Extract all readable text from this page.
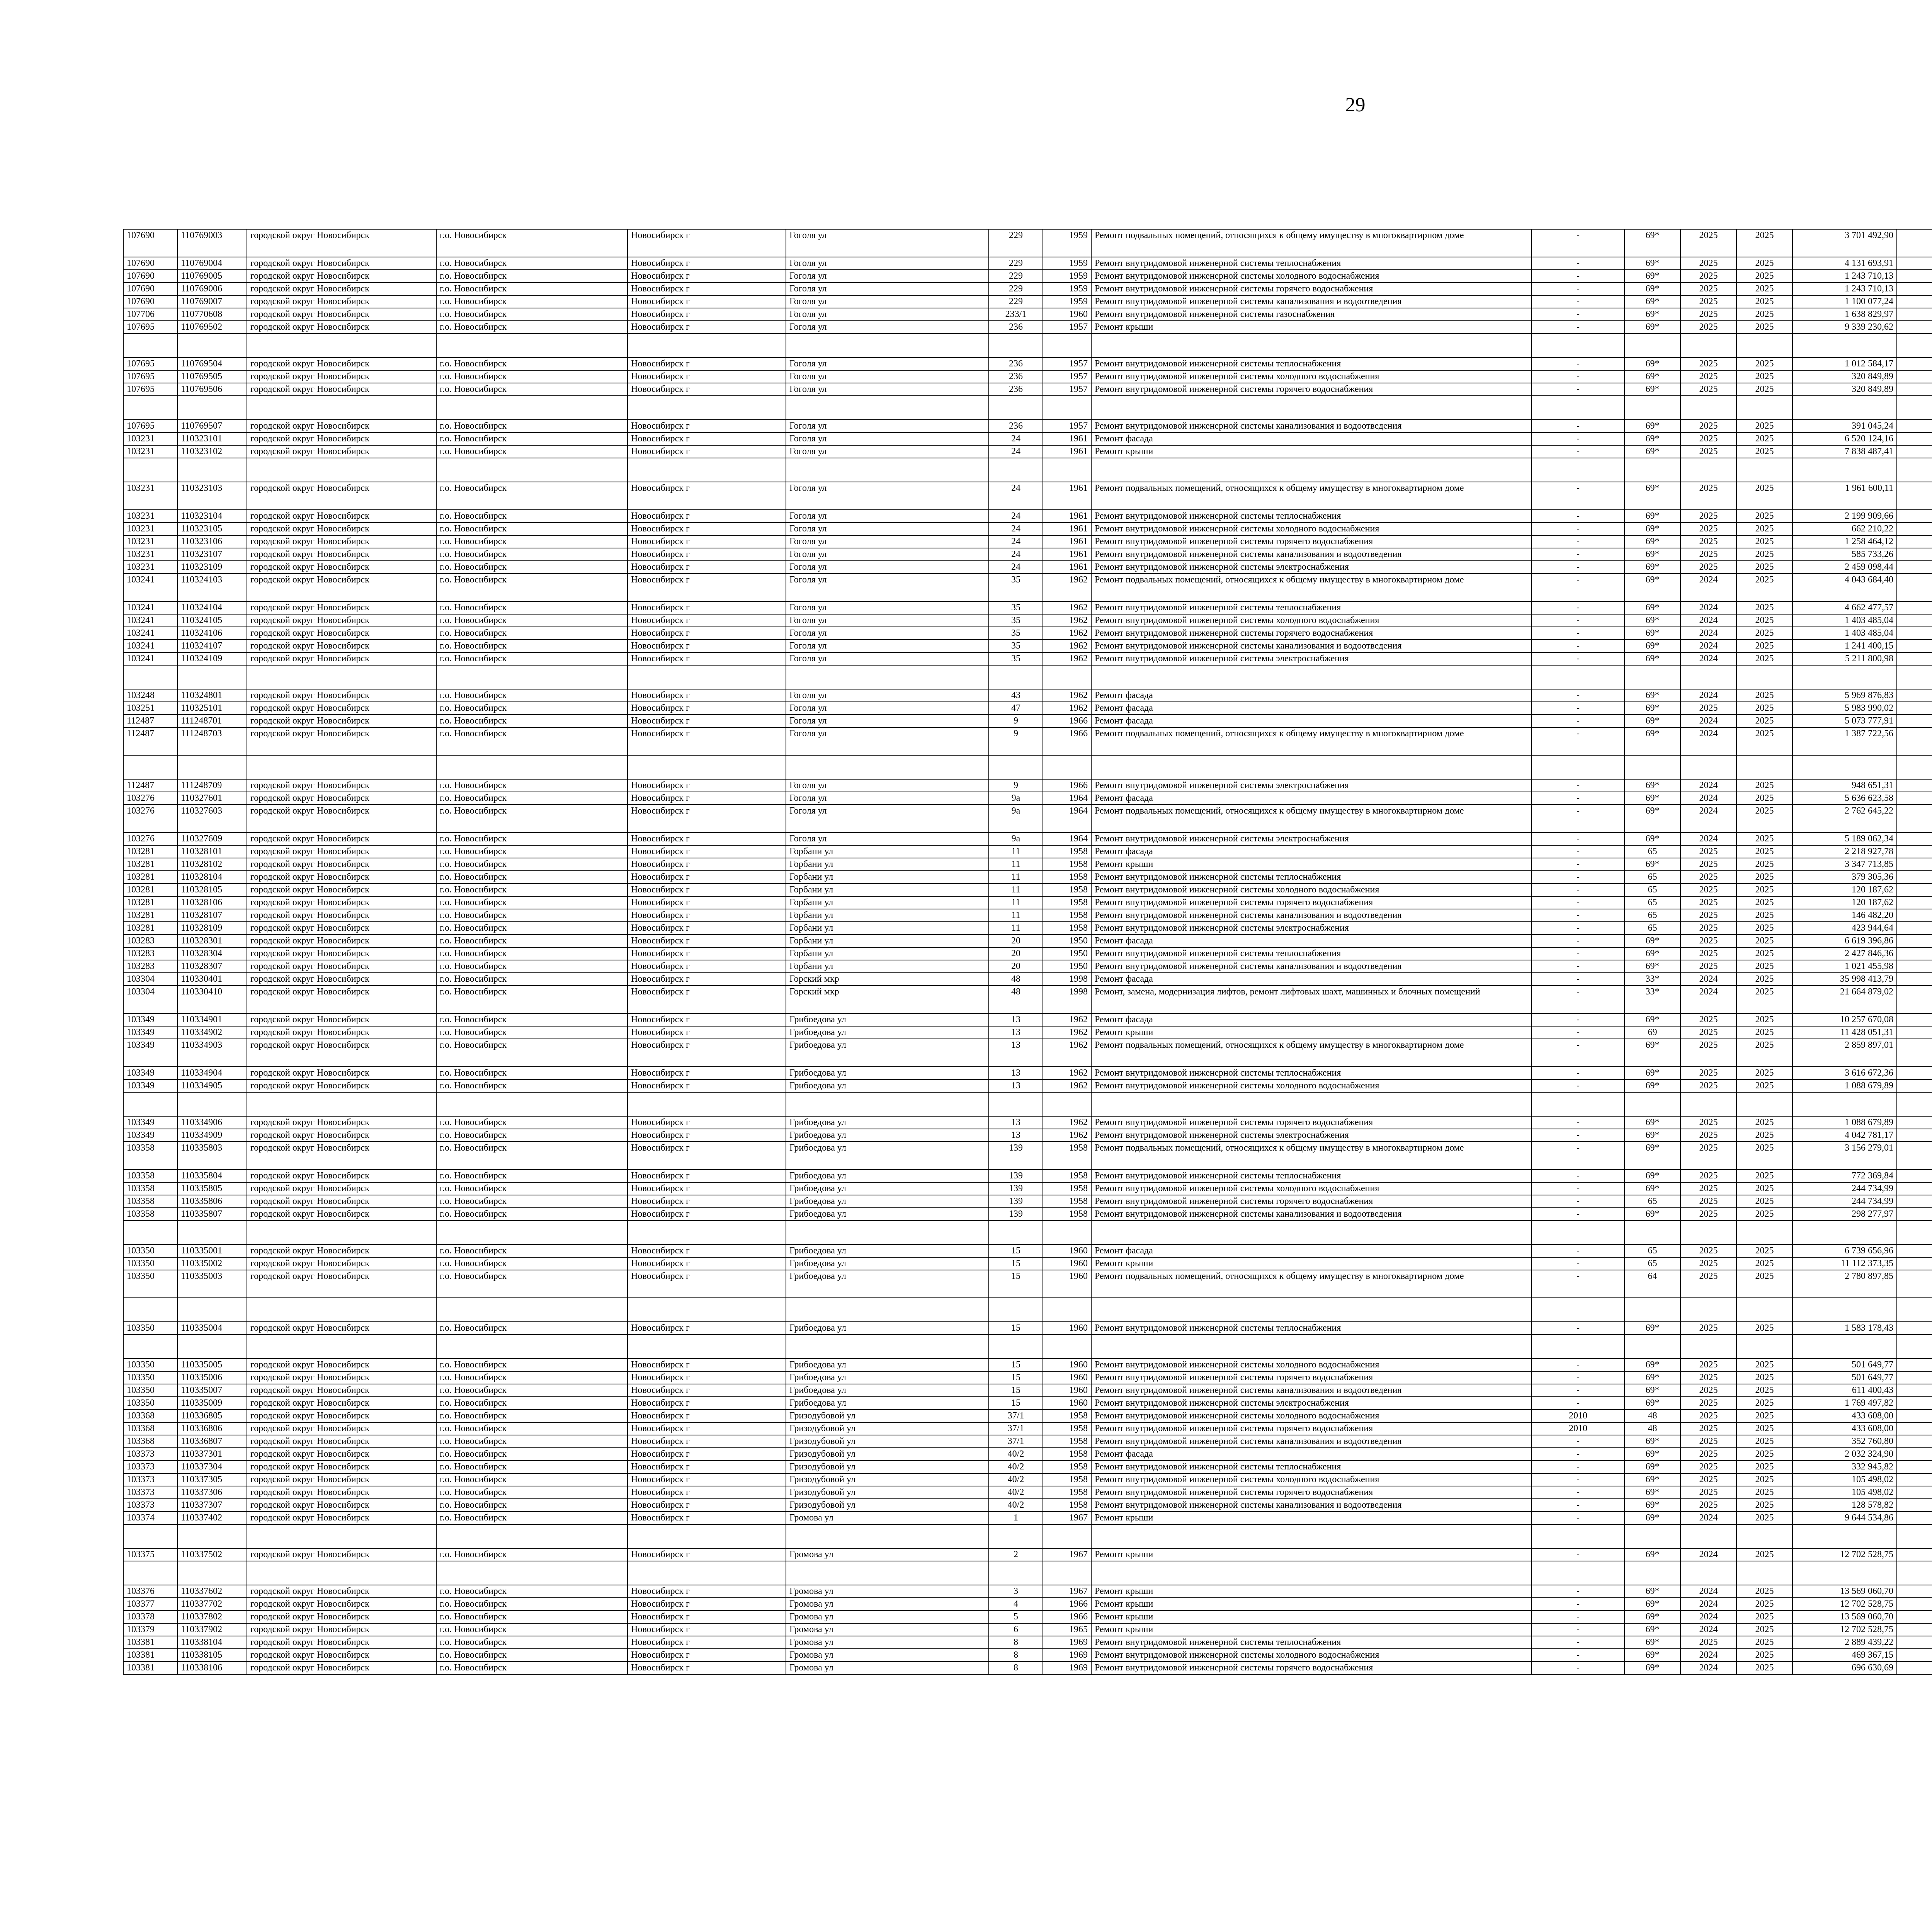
29
107690	110769003	городской округ Новосибирск	г.о. Новосибирск	Новосибирск г	Гоголя ул	229	1959	Ремонт подвальных помещений, относящихся к общему имуществу в многоквартирном доме	-	69*	2025	2025	3 701 492,90						
107690	110769004	городской округ Новосибирск	г.о. Новосибирск	Новосибирск г	Гоголя ул	229	1959	Ремонт внутридомовой инженерной системы теплоснабжения	-	69*	2025	2025	4 131 693,91						
107690	110769005	городской округ Новосибирск	г.о. Новосибирск	Новосибирск г	Гоголя ул	229	1959	Ремонт внутридомовой инженерной системы холодного водоснабжения	-	69*	2025	2025	1 243 710,13						
107690	110769006	городской округ Новосибирск	г.о. Новосибирск	Новосибирск г	Гоголя ул	229	1959	Ремонт внутридомовой инженерной системы горячего водоснабжения	-	69*	2025	2025	1 243 710,13						
107690	110769007	городской округ Новосибирск	г.о. Новосибирск	Новосибирск г	Гоголя ул	229	1959	Ремонт внутридомовой инженерной системы канализования и водоотведения	-	69*	2025	2025	1 100 077,24						
107706	110770608	городской округ Новосибирск	г.о. Новосибирск	Новосибирск г	Гоголя ул	233/1	1960	Ремонт внутридомовой инженерной системы газоснабжения	-	69*	2025	2025	1 638 829,97						
107695	110769502	городской округ Новосибирск	г.о. Новосибирск	Новосибирск г	Гоголя ул	236	1957	Ремонт крыши	-	69*	2025	2025	9 339 230,62						

107695	110769504	городской округ Новосибирск	г.о. Новосибирск	Новосибирск г	Гоголя ул	236	1957	Ремонт внутридомовой инженерной системы теплоснабжения	-	69*	2025	2025	1 012 584,17						
107695	110769505	городской округ Новосибирск	г.о. Новосибирск	Новосибирск г	Гоголя ул	236	1957	Ремонт внутридомовой инженерной системы холодного водоснабжения	-	69*	2025	2025	320 849,89						
107695	110769506	городской округ Новосибирск	г.о. Новосибирск	Новосибирск г	Гоголя ул	236	1957	Ремонт внутридомовой инженерной системы горячего водоснабжения	-	69*	2025	2025	320 849,89						

107695	110769507	городской округ Новосибирск	г.о. Новосибирск	Новосибирск г	Гоголя ул	236	1957	Ремонт внутридомовой инженерной системы канализования и водоотведения	-	69*	2025	2025	391 045,24						
103231	110323101	городской округ Новосибирск	г.о. Новосибирск	Новосибирск г	Гоголя ул	24	1961	Ремонт фасада	-	69*	2025	2025	6 520 124,16						
103231	110323102	городской округ Новосибирск	г.о. Новосибирск	Новосибирск г	Гоголя ул	24	1961	Ремонт крыши	-	69*	2025	2025	7 838 487,41						

103231	110323103	городской округ Новосибирск	г.о. Новосибирск	Новосибирск г	Гоголя ул	24	1961	Ремонт подвальных помещений, относящихся к общему имуществу в многоквартирном доме	-	69*	2025	2025	1 961 600,11						
103231	110323104	городской округ Новосибирск	г.о. Новосибирск	Новосибирск г	Гоголя ул	24	1961	Ремонт внутридомовой инженерной системы теплоснабжения	-	69*	2025	2025	2 199 909,66						
103231	110323105	городской округ Новосибирск	г.о. Новосибирск	Новосибирск г	Гоголя ул	24	1961	Ремонт внутридомовой инженерной системы холодного водоснабжения	-	69*	2025	2025	662 210,22						
103231	110323106	городской округ Новосибирск	г.о. Новосибирск	Новосибирск г	Гоголя ул	24	1961	Ремонт внутридомовой инженерной системы горячего водоснабжения	-	69*	2025	2025	1 258 464,12						
103231	110323107	городской округ Новосибирск	г.о. Новосибирск	Новосибирск г	Гоголя ул	24	1961	Ремонт внутридомовой инженерной системы канализования и водоотведения	-	69*	2025	2025	585 733,26						
103231	110323109	городской округ Новосибирск	г.о. Новосибирск	Новосибирск г	Гоголя ул	24	1961	Ремонт внутридомовой инженерной системы электроснабжения	-	69*	2025	2025	2 459 098,44						
103241	110324103	городской округ Новосибирск	г.о. Новосибирск	Новосибирск г	Гоголя ул	35	1962	Ремонт подвальных помещений, относящихся к общему имуществу в многоквартирном доме	-	69*	2024	2025	4 043 684,40						
103241	110324104	городской округ Новосибирск	г.о. Новосибирск	Новосибирск г	Гоголя ул	35	1962	Ремонт внутридомовой инженерной системы теплоснабжения	-	69*	2024	2025	4 662 477,57						
103241	110324105	городской округ Новосибирск	г.о. Новосибирск	Новосибирск г	Гоголя ул	35	1962	Ремонт внутридомовой инженерной системы холодного водоснабжения	-	69*	2024	2025	1 403 485,04						
103241	110324106	городской округ Новосибирск	г.о. Новосибирск	Новосибирск г	Гоголя ул	35	1962	Ремонт внутридомовой инженерной системы горячего водоснабжения	-	69*	2024	2025	1 403 485,04						
103241	110324107	городской округ Новосибирск	г.о. Новосибирск	Новосибирск г	Гоголя ул	35	1962	Ремонт внутридомовой инженерной системы канализования и водоотведения	-	69*	2024	2025	1 241 400,15						
103241	110324109	городской округ Новосибирск	г.о. Новосибирск	Новосибирск г	Гоголя ул	35	1962	Ремонт внутридомовой инженерной системы электроснабжения	-	69*	2024	2025	5 211 800,98						

103248	110324801	городской округ Новосибирск	г.о. Новосибирск	Новосибирск г	Гоголя ул	43	1962	Ремонт фасада	-	69*	2024	2025	5 969 876,83						
103251	110325101	городской округ Новосибирск	г.о. Новосибирск	Новосибирск г	Гоголя ул	47	1962	Ремонт фасада	-	69*	2025	2025	5 983 990,02						
112487	111248701	городской округ Новосибирск	г.о. Новосибирск	Новосибирск г	Гоголя ул	9	1966	Ремонт фасада	-	69*	2024	2025	5 073 777,91						
112487	111248703	городской округ Новосибирск	г.о. Новосибирск	Новосибирск г	Гоголя ул	9	1966	Ремонт подвальных помещений, относящихся к общему имуществу в многоквартирном доме	-	69*	2024	2025	1 387 722,56						

112487	111248709	городской округ Новосибирск	г.о. Новосибирск	Новосибирск г	Гоголя ул	9	1966	Ремонт внутридомовой инженерной системы электроснабжения	-	69*	2024	2025	948 651,31						
103276	110327601	городской округ Новосибирск	г.о. Новосибирск	Новосибирск г	Гоголя ул	9а	1964	Ремонт фасада	-	69*	2024	2025	5 636 623,58						
103276	110327603	городской округ Новосибирск	г.о. Новосибирск	Новосибирск г	Гоголя ул	9а	1964	Ремонт подвальных помещений, относящихся к общему имуществу в многоквартирном доме	-	69*	2024	2025	2 762 645,22						
103276	110327609	городской округ Новосибирск	г.о. Новосибирск	Новосибирск г	Гоголя ул	9а	1964	Ремонт внутридомовой инженерной системы электроснабжения	-	69*	2024	2025	5 189 062,34						
103281	110328101	городской округ Новосибирск	г.о. Новосибирск	Новосибирск г	Горбани ул	11	1958	Ремонт фасада	-	65	2025	2025	2 218 927,78						
103281	110328102	городской округ Новосибирск	г.о. Новосибирск	Новосибирск г	Горбани ул	11	1958	Ремонт крыши	-	69*	2025	2025	3 347 713,85						
103281	110328104	городской округ Новосибирск	г.о. Новосибирск	Новосибирск г	Горбани ул	11	1958	Ремонт внутридомовой инженерной системы теплоснабжения	-	65	2025	2025	379 305,36						
103281	110328105	городской округ Новосибирск	г.о. Новосибирск	Новосибирск г	Горбани ул	11	1958	Ремонт внутридомовой инженерной системы холодного водоснабжения	-	65	2025	2025	120 187,62						
103281	110328106	городской округ Новосибирск	г.о. Новосибирск	Новосибирск г	Горбани ул	11	1958	Ремонт внутридомовой инженерной системы горячего водоснабжения	-	65	2025	2025	120 187,62						
103281	110328107	городской округ Новосибирск	г.о. Новосибирск	Новосибирск г	Горбани ул	11	1958	Ремонт внутридомовой инженерной системы канализования и водоотведения	-	65	2025	2025	146 482,20						
103281	110328109	городской округ Новосибирск	г.о. Новосибирск	Новосибирск г	Горбани ул	11	1958	Ремонт внутридомовой инженерной системы электроснабжения	-	65	2025	2025	423 944,64						
103283	110328301	городской округ Новосибирск	г.о. Новосибирск	Новосибирск г	Горбани ул	20	1950	Ремонт фасада	-	69*	2025	2025	6 619 396,86						
103283	110328304	городской округ Новосибирск	г.о. Новосибирск	Новосибирск г	Горбани ул	20	1950	Ремонт внутридомовой инженерной системы теплоснабжения	-	69*	2025	2025	2 427 846,36						
103283	110328307	городской округ Новосибирск	г.о. Новосибирск	Новосибирск г	Горбани ул	20	1950	Ремонт внутридомовой инженерной системы канализования и водоотведения	-	69*	2025	2025	1 021 455,98						
103304	110330401	городской округ Новосибирск	г.о. Новосибирск	Новосибирск г	Горский мкр	48	1998	Ремонт фасада	-	33*	2024	2025	35 998 413,79						
103304	110330410	городской округ Новосибирск	г.о. Новосибирск	Новосибирск г	Горский мкр	48	1998	Ремонт, замена, модернизация лифтов, ремонт лифтовых шахт, машинных и блочных помещений	-	33*	2024	2025	21 664 879,02						
103349	110334901	городской округ Новосибирск	г.о. Новосибирск	Новосибирск г	Грибоедова ул	13	1962	Ремонт фасада	-	69*	2025	2025	10 257 670,08						
103349	110334902	городской округ Новосибирск	г.о. Новосибирск	Новосибирск г	Грибоедова ул	13	1962	Ремонт крыши	-	69	2025	2025	11 428 051,31						
103349	110334903	городской округ Новосибирск	г.о. Новосибирск	Новосибирск г	Грибоедова ул	13	1962	Ремонт подвальных помещений, относящихся к общему имуществу в многоквартирном доме	-	69*	2025	2025	2 859 897,01						
103349	110334904	городской округ Новосибирск	г.о. Новосибирск	Новосибирск г	Грибоедова ул	13	1962	Ремонт внутридомовой инженерной системы теплоснабжения	-	69*	2025	2025	3 616 672,36						
103349	110334905	городской округ Новосибирск	г.о. Новосибирск	Новосибирск г	Грибоедова ул	13	1962	Ремонт внутридомовой инженерной системы холодного водоснабжения	-	69*	2025	2025	1 088 679,89						

103349	110334906	городской округ Новосибирск	г.о. Новосибирск	Новосибирск г	Грибоедова ул	13	1962	Ремонт внутридомовой инженерной системы горячего водоснабжения	-	69*	2025	2025	1 088 679,89						
103349	110334909	городской округ Новосибирск	г.о. Новосибирск	Новосибирск г	Грибоедова ул	13	1962	Ремонт внутридомовой инженерной системы электроснабжения	-	69*	2025	2025	4 042 781,17						
103358	110335803	городской округ Новосибирск	г.о. Новосибирск	Новосибирск г	Грибоедова ул	139	1958	Ремонт подвальных помещений, относящихся к общему имуществу в многоквартирном доме	-	69*	2025	2025	3 156 279,01						
103358	110335804	городской округ Новосибирск	г.о. Новосибирск	Новосибирск г	Грибоедова ул	139	1958	Ремонт внутридомовой инженерной системы теплоснабжения	-	69*	2025	2025	772 369,84						
103358	110335805	городской округ Новосибирск	г.о. Новосибирск	Новосибирск г	Грибоедова ул	139	1958	Ремонт внутридомовой инженерной системы холодного водоснабжения	-	69*	2025	2025	244 734,99						
103358	110335806	городской округ Новосибирск	г.о. Новосибирск	Новосибирск г	Грибоедова ул	139	1958	Ремонт внутридомовой инженерной системы горячего водоснабжения	-	65	2025	2025	244 734,99						
103358	110335807	городской округ Новосибирск	г.о. Новосибирск	Новосибирск г	Грибоедова ул	139	1958	Ремонт внутридомовой инженерной системы канализования и водоотведения	-	69*	2025	2025	298 277,97						

103350	110335001	городской округ Новосибирск	г.о. Новосибирск	Новосибирск г	Грибоедова ул	15	1960	Ремонт фасада	-	65	2025	2025	6 739 656,96						
103350	110335002	городской округ Новосибирск	г.о. Новосибирск	Новосибирск г	Грибоедова ул	15	1960	Ремонт крыши	-	65	2025	2025	11 112 373,35						
103350	110335003	городской округ Новосибирск	г.о. Новосибирск	Новосибирск г	Грибоедова ул	15	1960	Ремонт подвальных помещений, относящихся к общему имуществу в многоквартирном доме	-	64	2025	2025	2 780 897,85						

103350	110335004	городской округ Новосибирск	г.о. Новосибирск	Новосибирск г	Грибоедова ул	15	1960	Ремонт внутридомовой инженерной системы теплоснабжения	-	69*	2025	2025	1 583 178,43						

103350	110335005	городской округ Новосибирск	г.о. Новосибирск	Новосибирск г	Грибоедова ул	15	1960	Ремонт внутридомовой инженерной системы холодного водоснабжения	-	69*	2025	2025	501 649,77						
103350	110335006	городской округ Новосибирск	г.о. Новосибирск	Новосибирск г	Грибоедова ул	15	1960	Ремонт внутридомовой инженерной системы горячего водоснабжения	-	69*	2025	2025	501 649,77						
103350	110335007	городской округ Новосибирск	г.о. Новосибирск	Новосибирск г	Грибоедова ул	15	1960	Ремонт внутридомовой инженерной системы канализования и водоотведения	-	69*	2025	2025	611 400,43						
103350	110335009	городской округ Новосибирск	г.о. Новосибирск	Новосибирск г	Грибоедова ул	15	1960	Ремонт внутридомовой инженерной системы электроснабжения	-	69*	2025	2025	1 769 497,82						
103368	110336805	городской округ Новосибирск	г.о. Новосибирск	Новосибирск г	Гризодубовой ул	37/1	1958	Ремонт внутридомовой инженерной системы холодного водоснабжения	2010	48	2025	2025	433 608,00						
103368	110336806	городской округ Новосибирск	г.о. Новосибирск	Новосибирск г	Гризодубовой ул	37/1	1958	Ремонт внутридомовой инженерной системы горячего водоснабжения	2010	48	2025	2025	433 608,00						
103368	110336807	городской округ Новосибирск	г.о. Новосибирск	Новосибирск г	Гризодубовой ул	37/1	1958	Ремонт внутридомовой инженерной системы канализования и водоотведения	-	69*	2025	2025	352 760,80						
103373	110337301	городской округ Новосибирск	г.о. Новосибирск	Новосибирск г	Гризодубовой ул	40/2	1958	Ремонт фасада	-	69*	2025	2025	2 032 324,90						
103373	110337304	городской округ Новосибирск	г.о. Новосибирск	Новосибирск г	Гризодубовой ул	40/2	1958	Ремонт внутридомовой инженерной системы теплоснабжения	-	69*	2025	2025	332 945,82						
103373	110337305	городской округ Новосибирск	г.о. Новосибирск	Новосибирск г	Гризодубовой ул	40/2	1958	Ремонт внутридомовой инженерной системы холодного водоснабжения	-	69*	2025	2025	105 498,02						
103373	110337306	городской округ Новосибирск	г.о. Новосибирск	Новосибирск г	Гризодубовой ул	40/2	1958	Ремонт внутридомовой инженерной системы горячего водоснабжения	-	69*	2025	2025	105 498,02						
103373	110337307	городской округ Новосибирск	г.о. Новосибирск	Новосибирск г	Гризодубовой ул	40/2	1958	Ремонт внутридомовой инженерной системы канализования и водоотведения	-	69*	2025	2025	128 578,82						
103374	110337402	городской округ Новосибирск	г.о. Новосибирск	Новосибирск г	Громова ул	1	1967	Ремонт крыши	-	69*	2024	2025	9 644 534,86						

103375	110337502	городской округ Новосибирск	г.о. Новосибирск	Новосибирск г	Громова ул	2	1967	Ремонт крыши	-	69*	2024	2025	12 702 528,75						

103376	110337602	городской округ Новосибирск	г.о. Новосибирск	Новосибирск г	Громова ул	3	1967	Ремонт крыши	-	69*	2024	2025	13 569 060,70						
103377	110337702	городской округ Новосибирск	г.о. Новосибирск	Новосибирск г	Громова ул	4	1966	Ремонт крыши	-	69*	2024	2025	12 702 528,75						
103378	110337802	городской округ Новосибирск	г.о. Новосибирск	Новосибирск г	Громова ул	5	1966	Ремонт крыши	-	69*	2024	2025	13 569 060,70						
103379	110337902	городской округ Новосибирск	г.о. Новосибирск	Новосибирск г	Громова ул	6	1965	Ремонт крыши	-	69*	2024	2025	12 702 528,75						
103381	110338104	городской округ Новосибирск	г.о. Новосибирск	Новосибирск г	Громова ул	8	1969	Ремонт внутридомовой инженерной системы теплоснабжения	-	69*	2025	2025	2 889 439,22						
103381	110338105	городской округ Новосибирск	г.о. Новосибирск	Новосибирск г	Громова ул	8	1969	Ремонт внутридомовой инженерной системы холодного водоснабжения	-	69*	2024	2025	469 367,15						
103381	110338106	городской округ Новосибирск	г.о. Новосибирск	Новосибирск г	Громова ул	8	1969	Ремонт внутридомовой инженерной системы горячего водоснабжения	-	69*	2024	2025	696 630,69						
